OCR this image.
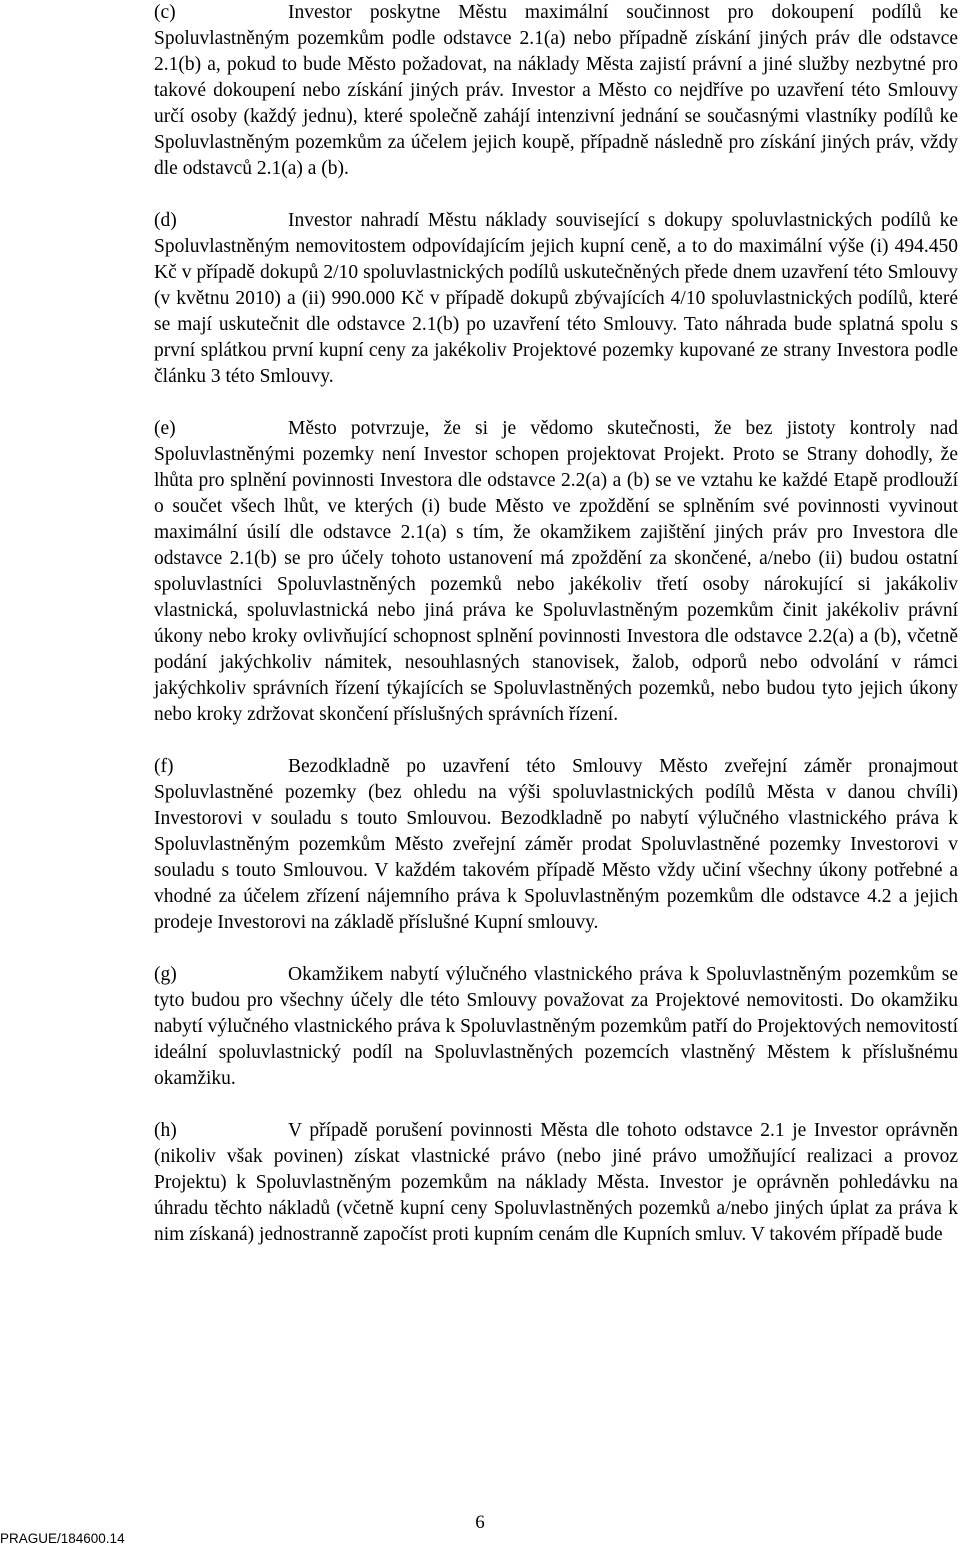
(c)	Investor poskytne Městu maximální součinnost pro dokoupení podílů ke Spoluvlastněným pozemkům podle odstavce 2.1(a) nebo případně získání jiných práv dle odstavce 2.1(b) a, pokud to bude Město požadovat, na náklady Města zajistí právní a jiné služby nezbytné pro takové dokoupení nebo získání jiných práv. Investor a Město co nejdříve po uzavření této Smlouvy určí osoby (každý jednu), které společně zahájí intenzivní jednání se současnými vlastníky podílů ke Spoluvlastněným pozemkům za účelem jejich koupě, případně následně pro získání jiných práv, vždy dle odstavců 2.1(a) a (b).

(d)	Investor nahradí Městu náklady související s dokupy spoluvlastnických podílů ke Spoluvlastněným nemovitostem odpovídajícím jejich kupní ceně, a to do maximální výše (i) 494.450 Kč v případě dokupů 2/10 spoluvlastnických podílů uskutečněných přede dnem uzavření této Smlouvy (v květnu 2010) a (ii) 990.000 Kč v případě dokupů zbývajících 4/10 spoluvlastnických podílů, které se mají uskutečnit dle odstavce 2.1(b) po uzavření této Smlouvy. Tato náhrada bude splatná spolu s první splátkou první kupní ceny za jakékoliv Projektové pozemky kupované ze strany Investora podle článku 3 této Smlouvy.

(e)	Město potvrzuje, že si je vědomo skutečnosti, že bez jistoty kontroly nad Spoluvlastněnými pozemky není Investor schopen projektovat Projekt. Proto se Strany dohodly, že lhůta pro splnění povinnosti Investora dle odstavce 2.2(a) a (b) se ve vztahu ke každé Etapě prodlouží o součet všech lhůt, ve kterých (i) bude Město ve zpoždění se splněním své povinnosti vyvinout maximální úsilí dle odstavce 2.1(a) s tím, že okamžikem zajištění jiných práv pro Investora dle odstavce 2.1(b) se pro účely tohoto ustanovení má zpoždění za skončené, a/nebo (ii) budou ostatní spoluvlastníci Spoluvlastněných pozemků nebo jakékoliv třetí osoby nárokující si jakákoliv vlastnická, spoluvlastnická nebo jiná práva ke Spoluvlastněným pozemkům činit jakékoliv právní úkony nebo kroky ovlivňující schopnost splnění povinnosti Investora dle odstavce 2.2(a) a (b), včetně podání jakýchkoliv námitek, nesouhlasných stanovisek, žalob, odporů nebo odvolání v rámci jakýchkoliv správních řízení týkajících se Spoluvlastněných pozemků, nebo budou tyto jejich úkony nebo kroky zdržovat skončení příslušných správních řízení.

(f)	Bezodkladně po uzavření této Smlouvy Město zveřejní záměr pronajmout Spoluvlastněné pozemky (bez ohledu na výši spoluvlastnických podílů Města v danou chvíli) Investorovi v souladu s touto Smlouvou. Bezodkladně po nabytí výlučného vlastnického práva k Spoluvlastněným pozemkům Město zveřejní záměr prodat Spoluvlastněné pozemky Investorovi v souladu s touto Smlouvou. V každém takovém případě Město vždy učiní všechny úkony potřebné a vhodné za účelem zřízení nájemního práva k Spoluvlastněným pozemkům dle odstavce 4.2 a jejich prodeje Investorovi na základě příslušné Kupní smlouvy.

(g)	Okamžikem nabytí výlučného vlastnického práva k Spoluvlastněným pozemkům se tyto budou pro všechny účely dle této Smlouvy považovat za Projektové nemovitosti. Do okamžiku nabytí výlučného vlastnického práva k Spoluvlastněným pozemkům patří do Projektových nemovitostí ideální spoluvlastnický podíl na Spoluvlastněných pozemcích vlastněný Městem k příslušnému okamžiku.

(h)	V případě porušení povinnosti Města dle tohoto odstavce 2.1 je Investor oprávněn (nikoliv však povinen) získat vlastnické právo (nebo jiné právo umožňující realizaci a provoz Projektu) k Spoluvlastněným pozemkům na náklady Města. Investor je oprávněn pohledávku na úhradu těchto nákladů (včetně kupní ceny Spoluvlastněných pozemků a/nebo jiných úplat za práva k nim získaná) jednostranně započíst proti kupním cenám dle Kupních smluv. V takovém případě bude

6
PRAGUE/184600.14
